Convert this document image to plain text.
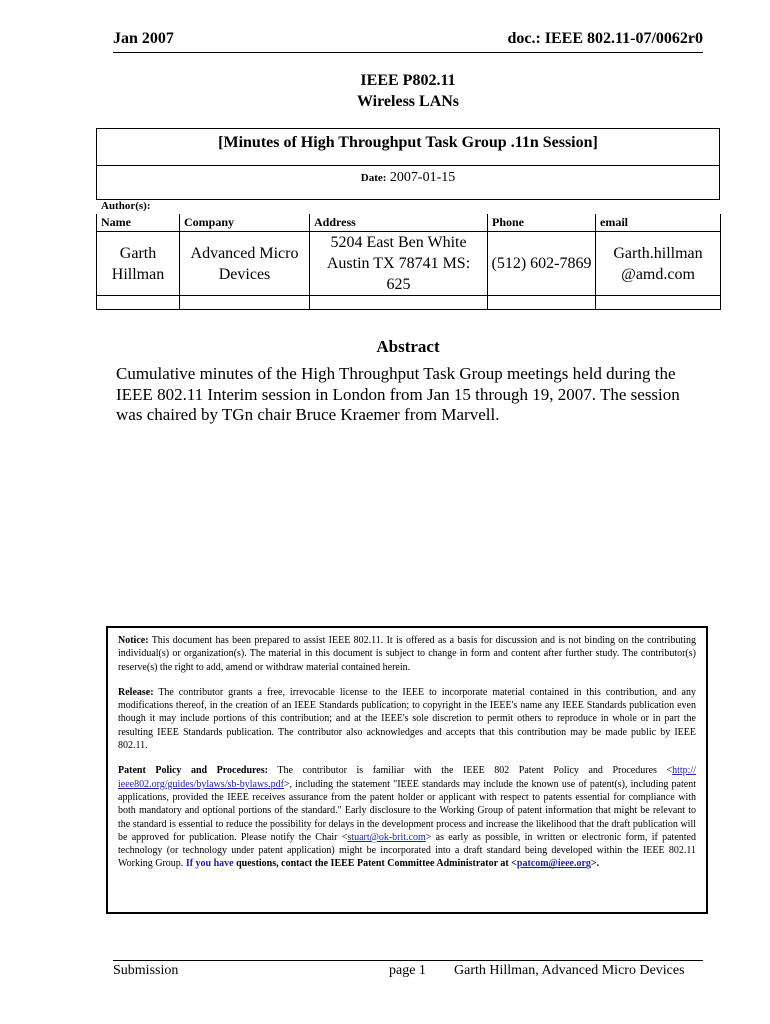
Jan 2007	doc.: IEEE 802.11-07/0062r0
IEEE P802.11
Wireless LANs
[Minutes of High Throughput Task Group .11n Session]
Date: 2007-01-15
Author(s):
Name	Company	Address	Phone	email
Garth Hillman	Advanced Micro Devices	5204 East Ben White Austin TX 78741 MS: 625	(512) 602-7869	Garth.hillman @amd.com

Abstract
Cumulative minutes of the High Throughput Task Group meetings held during the IEEE 802.11 Interim session in London from Jan 15 through 19, 2007. The session was chaired by TGn chair Bruce Kraemer from Marvell.

Notice: This document has been prepared to assist IEEE 802.11. It is offered as a basis for discussion and is not binding on the contributing individual(s) or organization(s). The material in this document is subject to change in form and content after further study. The contributor(s) reserve(s) the right to add, amend or withdraw material contained herein.

Release: The contributor grants a free, irrevocable license to the IEEE to incorporate material contained in this contribution, and any modifications thereof, in the creation of an IEEE Standards publication; to copyright in the IEEE's name any IEEE Standards publication even though it may include portions of this contribution; and at the IEEE's sole discretion to permit others to reproduce in whole or in part the resulting IEEE Standards publication. The contributor also acknowledges and accepts that this contribution may be made public by IEEE 802.11.

Patent Policy and Procedures: The contributor is familiar with the IEEE 802 Patent Policy and Procedures <http:// ieee802.org/guides/bylaws/sb-bylaws.pdf>, including the statement "IEEE standards may include the known use of patent(s), including patent applications, provided the IEEE receives assurance from the patent holder or applicant with respect to patents essential for compliance with both mandatory and optional portions of the standard." Early disclosure to the Working Group of patent information that might be relevant to the standard is essential to reduce the possibility for delays in the development process and increase the likelihood that the draft publication will be approved for publication. Please notify the Chair <stuart@ok-brit.com> as early as possible, in written or electronic form, if patented technology (or technology under patent application) might be incorporated into a draft standard being developed within the IEEE 802.11 Working Group. If you have questions, contact the IEEE Patent Committee Administrator at <patcom@ieee.org>.

Submission	page 1 Garth Hillman, Advanced Micro Devices
